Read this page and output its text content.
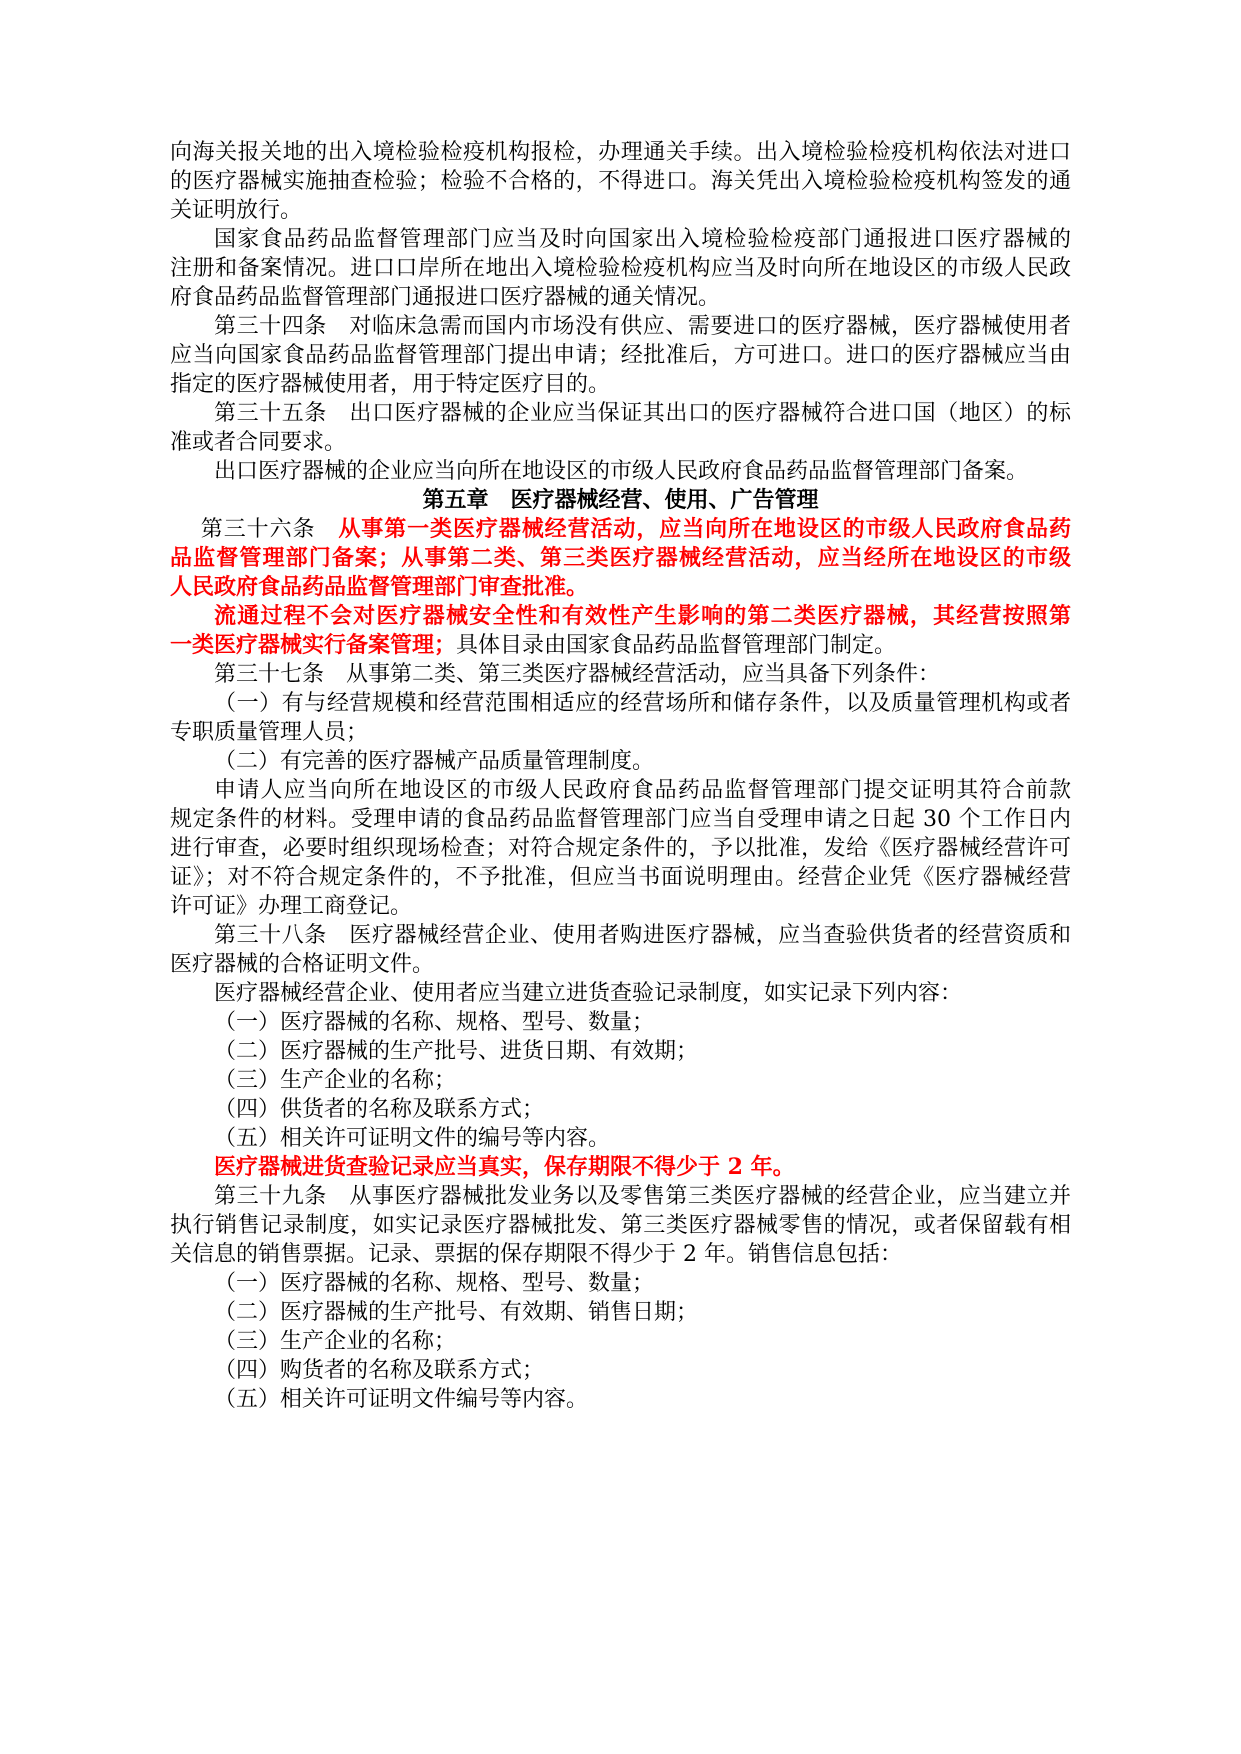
向海关报关地的出入境检验检疫机构报检，办理通关手续。出入境检验检疫机构依法对进口
的医疗器械实施抽查检验；检验不合格的，不得进口。海关凭出入境检验检疫机构签发的通
关证明放行。
国家食品药品监督管理部门应当及时向国家出入境检验检疫部门通报进口医疗器械的
注册和备案情况。进口口岸所在地出入境检验检疫机构应当及时向所在地设区的市级人民政
府食品药品监督管理部门通报进口医疗器械的通关情况。
第三十四条　对临床急需而国内市场没有供应、需要进口的医疗器械，医疗器械使用者
应当向国家食品药品监督管理部门提出申请；经批准后，方可进口。进口的医疗器械应当由
指定的医疗器械使用者，用于特定医疗目的。
第三十五条　出口医疗器械的企业应当保证其出口的医疗器械符合进口国（地区）的标
准或者合同要求。
出口医疗器械的企业应当向所在地设区的市级人民政府食品药品监督管理部门备案。
第五章　医疗器械经营、使用、广告管理
第三十六条　从事第一类医疗器械经营活动，应当向所在地设区的市级人民政府食品药
品监督管理部门备案；从事第二类、第三类医疗器械经营活动，应当经所在地设区的市级
人民政府食品药品监督管理部门审查批准。
流通过程不会对医疗器械安全性和有效性产生影响的第二类医疗器械，其经营按照第
一类医疗器械实行备案管理；具体目录由国家食品药品监督管理部门制定。
第三十七条　从事第二类、第三类医疗器械经营活动，应当具备下列条件：
（一）有与经营规模和经营范围相适应的经营场所和储存条件，以及质量管理机构或者
专职质量管理人员；
（二）有完善的医疗器械产品质量管理制度。
申请人应当向所在地设区的市级人民政府食品药品监督管理部门提交证明其符合前款
规定条件的材料。受理申请的食品药品监督管理部门应当自受理申请之日起 30 个工作日内
进行审查，必要时组织现场检查；对符合规定条件的，予以批准，发给《医疗器械经营许可
证》；对不符合规定条件的，不予批准，但应当书面说明理由。经营企业凭《医疗器械经营
许可证》办理工商登记。
第三十八条　医疗器械经营企业、使用者购进医疗器械，应当查验供货者的经营资质和
医疗器械的合格证明文件。
医疗器械经营企业、使用者应当建立进货查验记录制度，如实记录下列内容：
（一）医疗器械的名称、规格、型号、数量；
（二）医疗器械的生产批号、进货日期、有效期；
（三）生产企业的名称；
（四）供货者的名称及联系方式；
（五）相关许可证明文件的编号等内容。
医疗器械进货查验记录应当真实，保存期限不得少于 2 年。
第三十九条　从事医疗器械批发业务以及零售第三类医疗器械的经营企业，应当建立并
执行销售记录制度，如实记录医疗器械批发、第三类医疗器械零售的情况，或者保留载有相
关信息的销售票据。记录、票据的保存期限不得少于 2 年。销售信息包括：
（一）医疗器械的名称、规格、型号、数量；
（二）医疗器械的生产批号、有效期、销售日期；
（三）生产企业的名称；
（四）购货者的名称及联系方式；
（五）相关许可证明文件编号等内容。
